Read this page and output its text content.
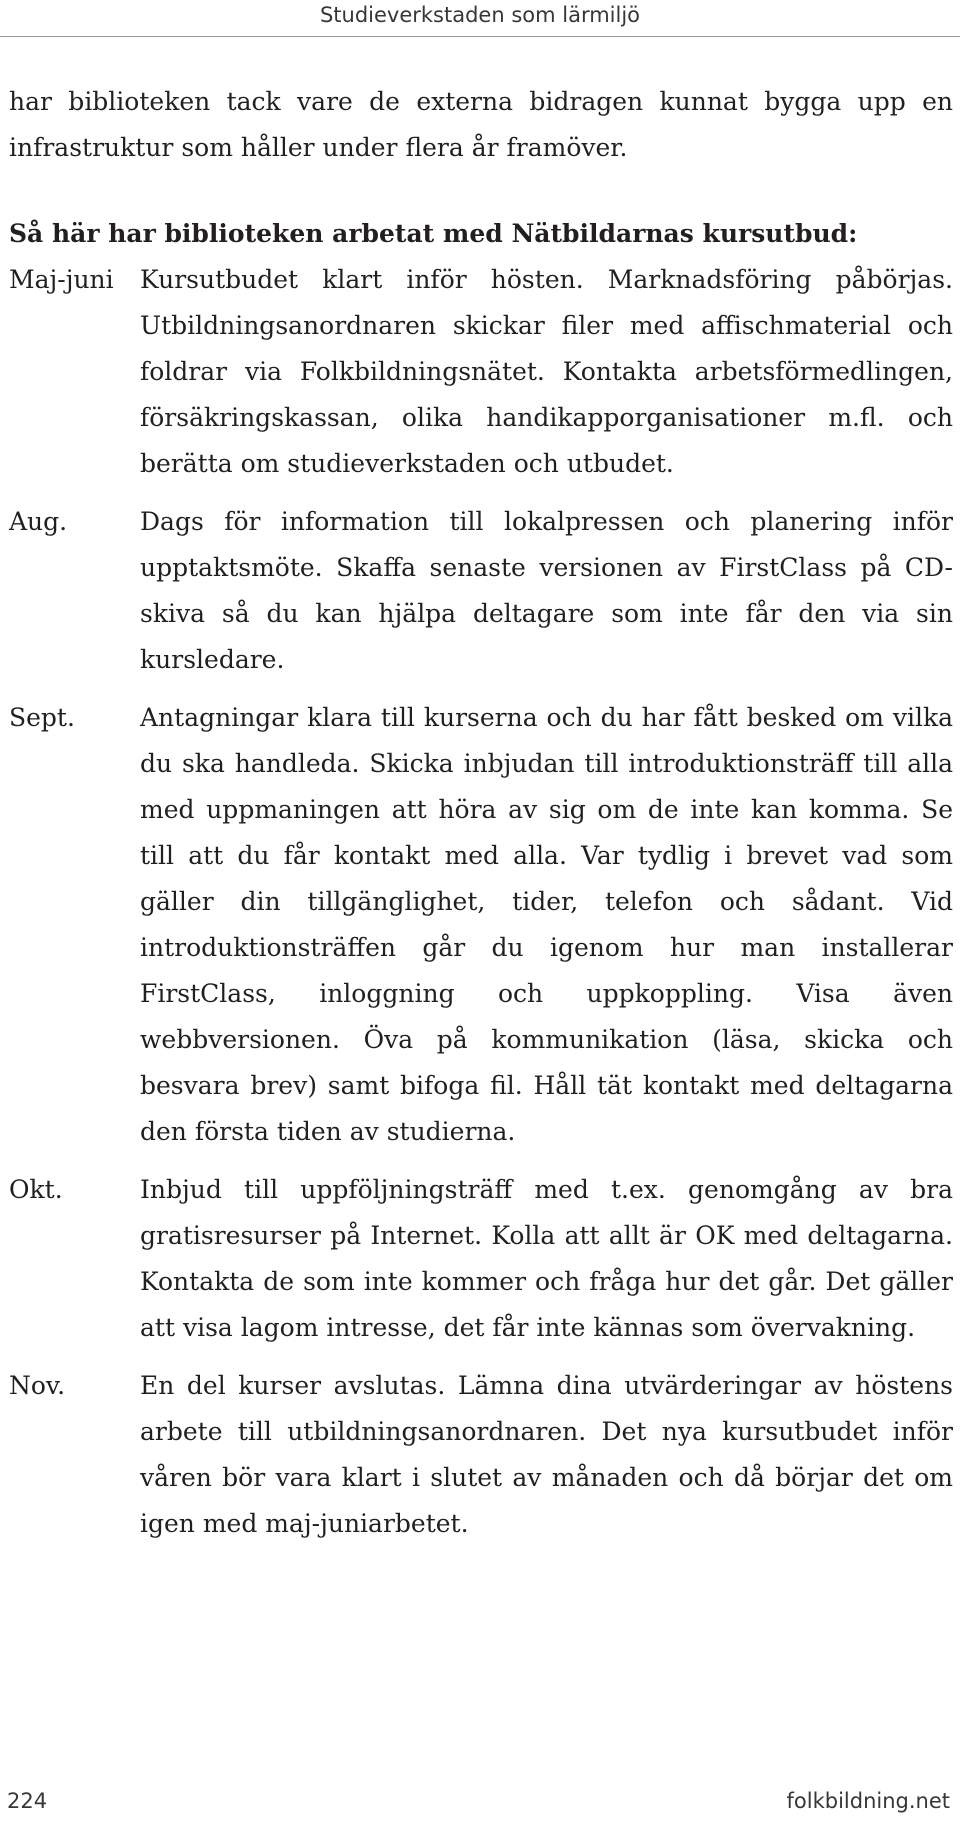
Studieverkstaden som lärmiljö

har biblioteken tack vare de externa bidragen kunnat bygga upp en infrastruktur som håller under flera år framöver.

Så här har biblioteken arbetat med Nätbildarnas kursutbud:
Maj-juni	Kursutbudet klart inför hösten. Marknadsföring påbörjas. Utbildningsanordnaren skickar filer med affischmaterial och foldrar via Folkbildningsnätet. Kontakta arbetsförmedlingen, försäkringskassan, olika handikapporganisationer m.fl. och berätta om studieverkstaden och utbudet.
Aug.	Dags för information till lokalpressen och planering inför upptaktsmöte. Skaffa senaste versionen av FirstClass på CD-skiva så du kan hjälpa deltagare som inte får den via sin kursledare.
Sept.	Antagningar klara till kurserna och du har fått besked om vilka du ska handleda. Skicka inbjudan till introduktionsträff till alla med uppmaningen att höra av sig om de inte kan komma. Se till att du får kontakt med alla. Var tydlig i brevet vad som gäller din tillgänglighet, tider, telefon och sådant. Vid introduktionsträffen går du igenom hur man installerar FirstClass, inloggning och uppkoppling. Visa även webbversionen. Öva på kommunikation (läsa, skicka och besvara brev) samt bifoga fil. Håll tät kontakt med deltagarna den första tiden av studierna.
Okt.	Inbjud till uppföljningsträff med t.ex. genomgång av bra gratisresurser på Internet. Kolla att allt är OK med deltagarna. Kontakta de som inte kommer och fråga hur det går. Det gäller att visa lagom intresse, det får inte kännas som övervakning.
Nov.	En del kurser avslutas. Lämna dina utvärderingar av höstens arbete till utbildningsanordnaren. Det nya kursutbudet inför våren bör vara klart i slutet av månaden och då börjar det om igen med maj-juniarbetet.
224	folkbildning.net
